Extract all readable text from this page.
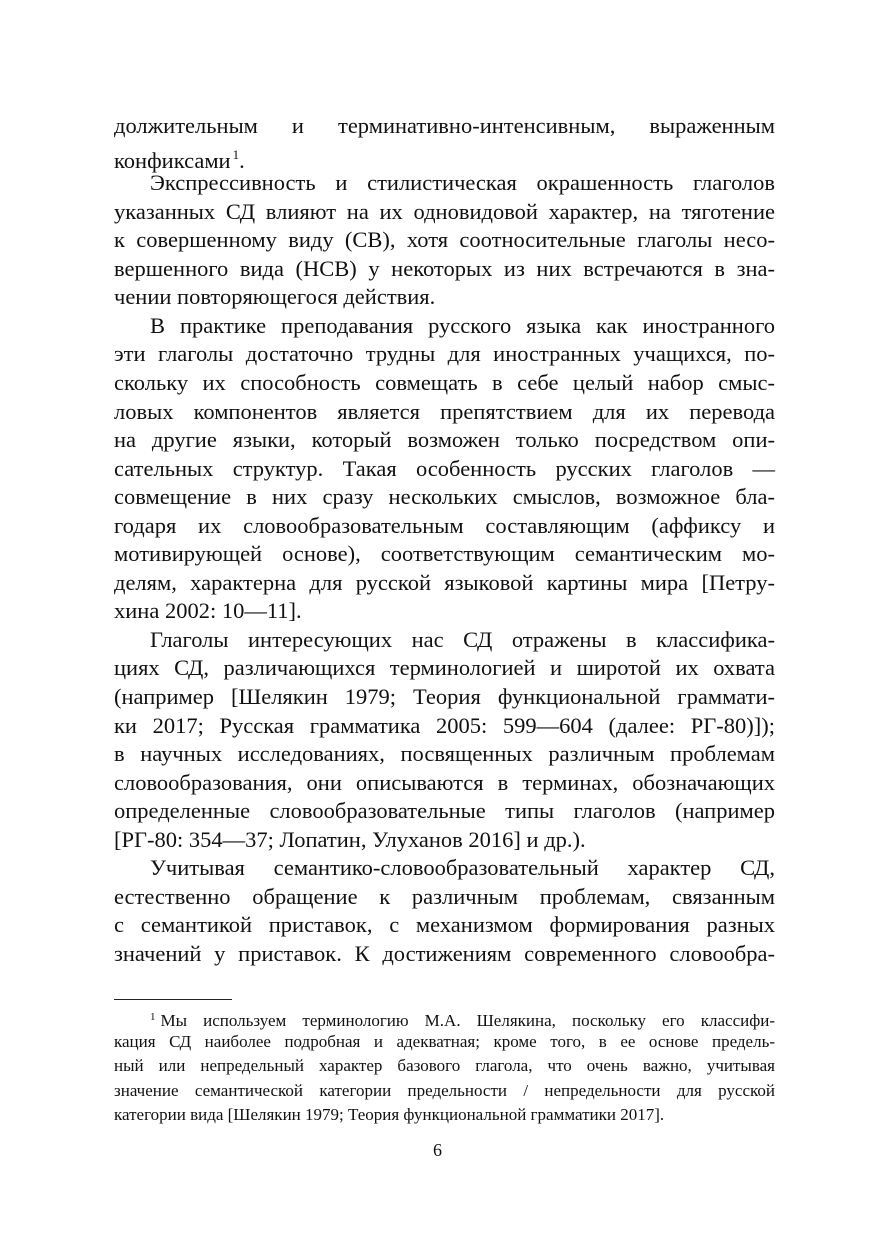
должительным и терминативно-интенсивным, выраженным
конфиксами $^1$.
Экспрессивность и стилистическая окрашенность глаголов
указанных СД влияют на их одновидовой характер, на тяготение
к совершенному виду (СВ), хотя соотносительные глаголы несо-
вершенного вида (НСВ) у некоторых из них встречаются в зна-
чении повторяющегося действия.
В практике преподавания русского языка как иностранного
эти глаголы достаточно трудны для иностранных учащихся, по-
скольку их способность совмещать в себе целый набор смыс-
ловых компонентов является препятствием для их перевода
на другие языки, который возможен только посредством опи-
сательных структур. Такая особенность русских глаголов —
совмещение в них сразу нескольких смыслов, возможное бла-
годаря их словообразовательным составляющим (аффиксу и
мотивирующей основе), соответствующим семантическим мо-
делям, характерна для русской языковой картины мира [Петру-
хина 2002: 10—11].
Глаголы интересующих нас СД отражены в классифика-
циях СД, различающихся терминологией и широтой их охвата
(например [Шелякин 1979; Теория функциональной граммати-
ки 2017; Русская грамматика 2005: 599—604 (далее: РГ-80)]);
в научных исследованиях, посвященных различным проблемам
словообразования, они описываются в терминах, обозначающих
определенные словообразовательные типы глаголов (например
[РГ-80: 354—37; Лопатин, Улуханов 2016] и др.).
Учитывая семантико-словообразовательный характер СД,
естественно обращение к различным проблемам, связанным
с семантикой приставок, с механизмом формирования разных
значений у приставок. К достижениям современного словообра-
$^1$ Мы используем терминологию М.А. Шелякина, поскольку его классифи-
кация СД наиболее подробная и адекватная; кроме того, в ее основе предель-
ный или непредельный характер базового глагола, что очень важно, учитывая
значение семантической категории предельности / непредельности для русской
категории вида [Шелякин 1979; Теория функциональной грамматики 2017].
6
